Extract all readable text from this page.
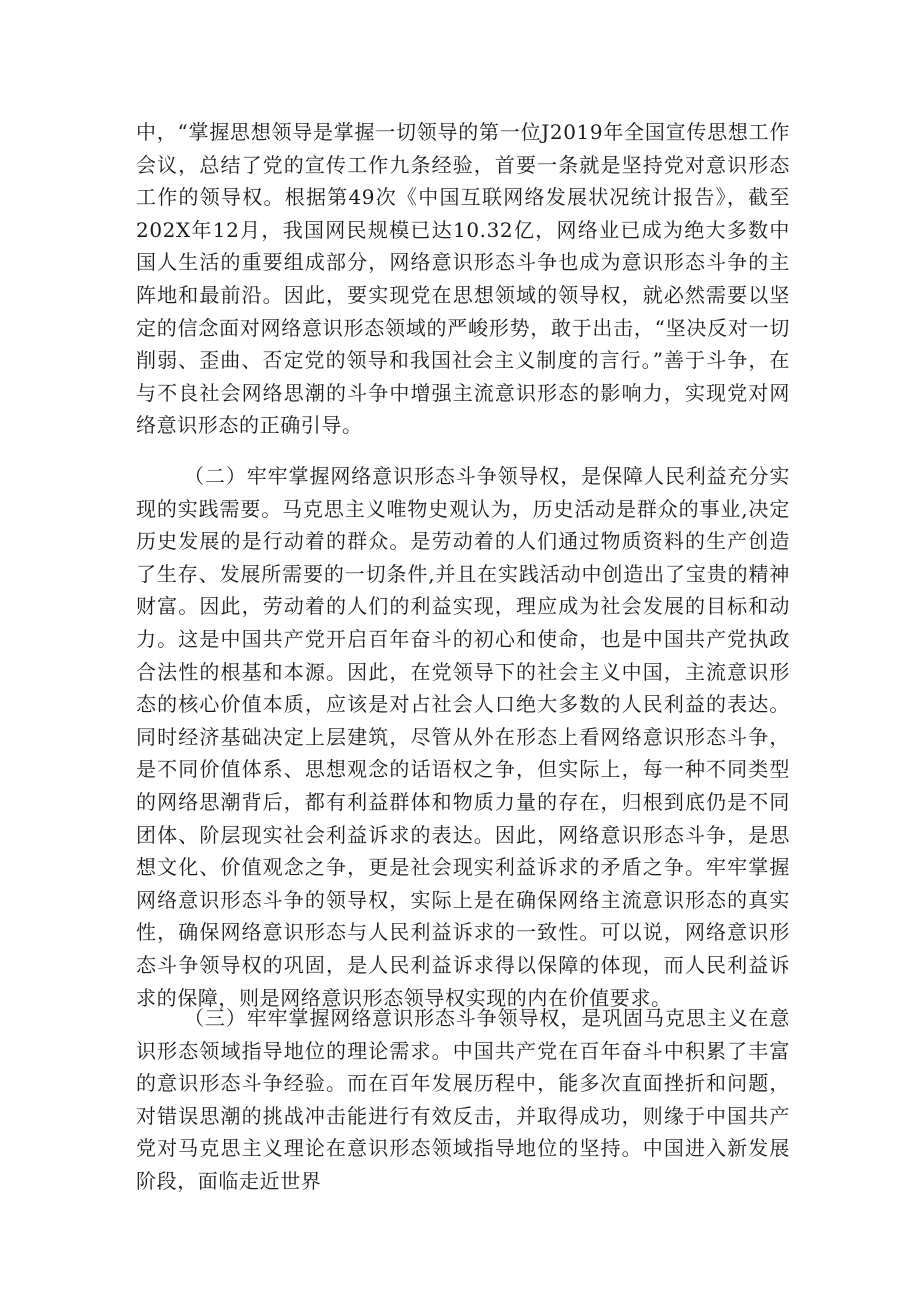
中，“掌握思想领导是掌握一切领导的第一位J2019年全国宣传思想工作会议，总结了党的宣传工作九条经验，首要一条就是坚持党对意识形态工作的领导权。根据第49次《中国互联网络发展状况统计报告》，截至202X年12月，我国网民规模已达10.32亿，网络业已成为绝大多数中国人生活的重要组成部分，网络意识形态斗争也成为意识形态斗争的主阵地和最前沿。因此，要实现党在思想领域的领导权，就必然需要以坚定的信念面对网络意识形态领域的严峻形势，敢于出击，“坚决反对一切削弱、歪曲、否定党的领导和我国社会主义制度的言行。”善于斗争，在与不良社会网络思潮的斗争中增强主流意识形态的影响力，实现党对网络意识形态的正确引导。

（二）牢牢掌握网络意识形态斗争领导权，是保障人民利益充分实现的实践需要。马克思主义唯物史观认为，历史活动是群众的事业,决定历史发展的是行动着的群众。是劳动着的人们通过物质资料的生产创造了生存、发展所需要的一切条件,并且在实践活动中创造出了宝贵的精神财富。因此，劳动着的人们的利益实现，理应成为社会发展的目标和动力。这是中国共产党开启百年奋斗的初心和使命，也是中国共产党执政合法性的根基和本源。因此，在党领导下的社会主义中国，主流意识形态的核心价值本质，应该是对占社会人口绝大多数的人民利益的表达。同时经济基础决定上层建筑，尽管从外在形态上看网络意识形态斗争，是不同价值体系、思想观念的话语权之争，但实际上，每一种不同类型的网络思潮背后，都有利益群体和物质力量的存在，归根到底仍是不同团体、阶层现实社会利益诉求的表达。因此，网络意识形态斗争，是思想文化、价值观念之争，更是社会现实利益诉求的矛盾之争。牢牢掌握网络意识形态斗争的领导权，实际上是在确保网络主流意识形态的真实性，确保网络意识形态与人民利益诉求的一致性。可以说，网络意识形态斗争领导权的巩固，是人民利益诉求得以保障的体现，而人民利益诉求的保障，则是网络意识形态领导权实现的内在价值要求。

（三）牢牢掌握网络意识形态斗争领导权，是巩固马克思主义在意识形态领域指导地位的理论需求。中国共产党在百年奋斗中积累了丰富的意识形态斗争经验。而在百年发展历程中，能多次直面挫折和问题，对错误思潮的挑战冲击能进行有效反击，并取得成功，则缘于中国共产党对马克思主义理论在意识形态领域指导地位的坚持。中国进入新发展阶段，面临走近世界
